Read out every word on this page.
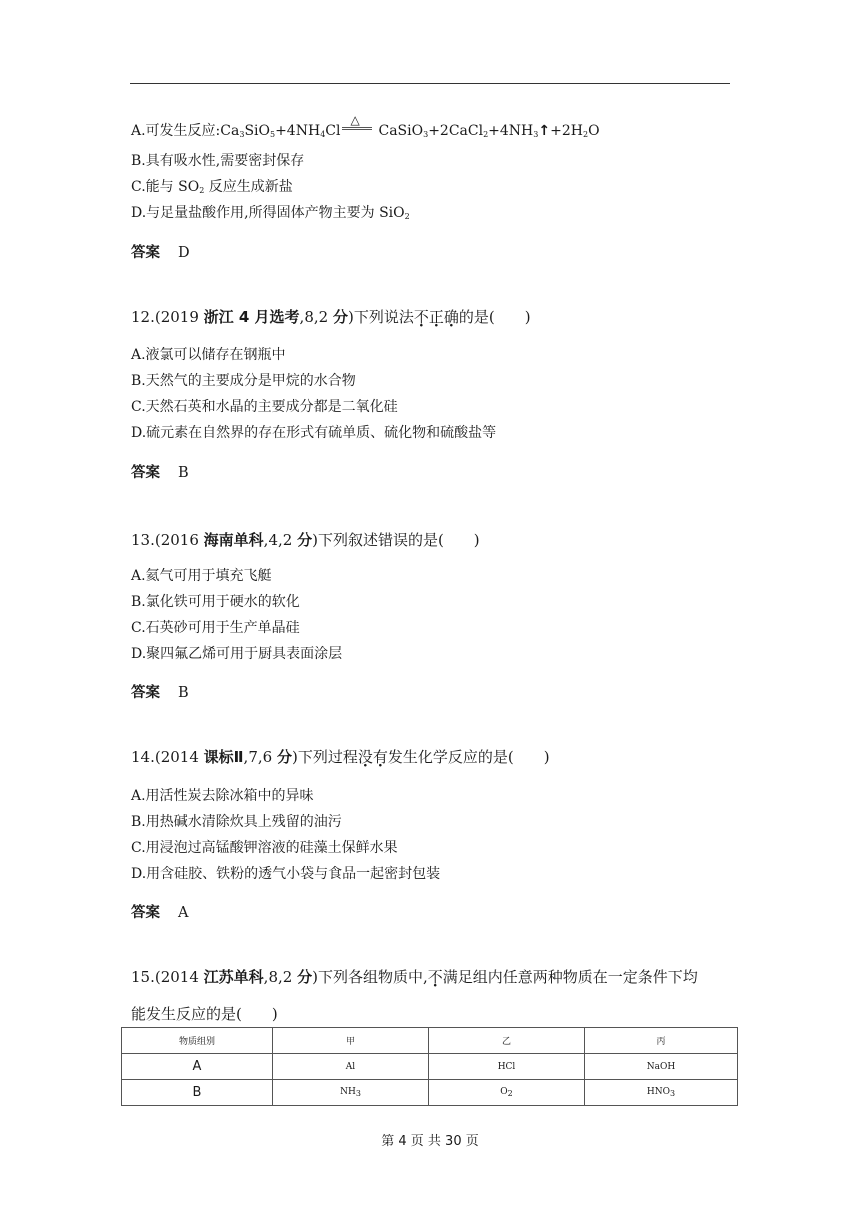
A.可发生反应$:Ca_3SiO_5+4NH_4Cl$
△
$CaSiO_3+2CaCl_2+4NH_3↑+2H_2O$
B.具有吸水性,需要密封保存
C.能与 $SO_2$ 反应生成新盐
D.与足量盐酸作用,所得固体产物主要为 SiO$_2$
答案 D
12.(2019 浙江 4 月选考,8,2 分)下列说法不正确的是(　　)
A.液氯可以储存在钢瓶中
B.天然气的主要成分是甲烷的水合物
C.天然石英和水晶的主要成分都是二氧化硅
D.硫元素在自然界的存在形式有硫单质、硫化物和硫酸盐等
答案 B
13.(2016 海南单科,4,2 分)下列叙述错误的是(　　)
A.氦气可用于填充飞艇
B.氯化铁可用于硬水的软化
C.石英砂可用于生产单晶硅
D.聚四氟乙烯可用于厨具表面涂层
答案 B
14.(2014 课标Ⅱ,7,6 分)下列过程没有发生化学反应的是(　　)
A.用活性炭去除冰箱中的异味
B.用热碱水清除炊具上残留的油污
C.用浸泡过高锰酸钾溶液的硅藻土保鲜水果
D.用含硅胶、铁粉的透气小袋与食品一起密封包装
答案 A
15.(2014 江苏单科,8,2 分)下列各组物质中,不满足组内任意两种物质在一定条件下均
能发生反应的是(　　)
物质组别	甲	乙	丙
A	Al	HCl	NaOH
B	$NH_3$	$O_2$	$HNO_3$
第 4 页 共 30 页
